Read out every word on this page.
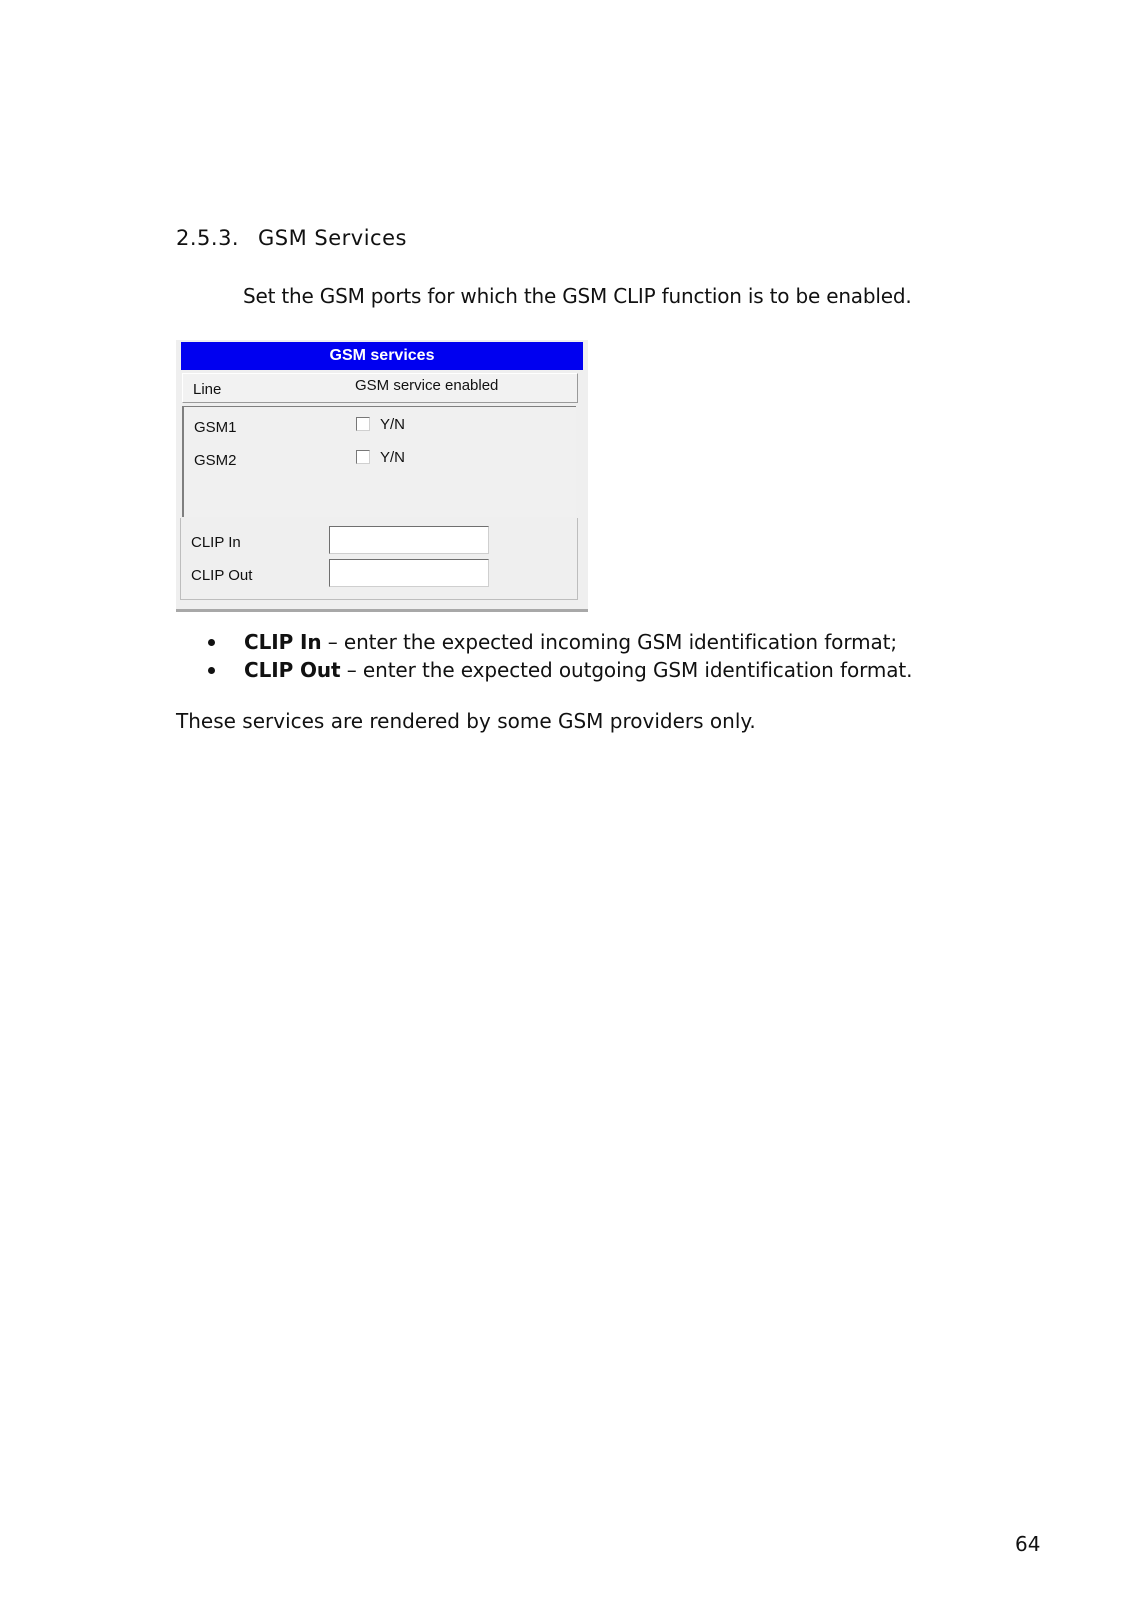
2.5.3. GSM Services

Set the GSM ports for which the GSM CLIP function is to be enabled.

GSM services
Line	GSM service enabled
GSM1	Y/N
GSM2	Y/N
CLIP In
CLIP Out
CLIP In – enter the expected incoming GSM identification format;
CLIP Out – enter the expected outgoing GSM identification format.

These services are rendered by some GSM providers only.

64
